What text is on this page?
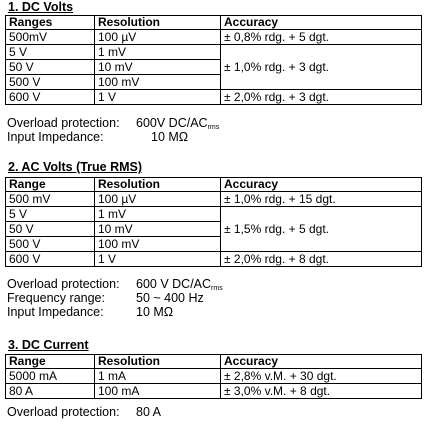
1. DC Volts
Ranges	Resolution	Accuracy
500mV	100 µV	± 0,8% rdg. + 5 dgt.
5 V	1 mV	± 1,0% rdg. + 3 dgt.
50 V	10 mV	
500 V	100 mV	
600 V	1 V	± 2,0% rdg. + 3 dgt.
Overload protection: 600V $DC/AC_{rms}$
Input Impedance:	10 MΩ
2. AC Volts (True RMS)
Range	Resolution	Accuracy
500 mV	100 µV	± 1,0% rdg. + 15 dgt.
5 V	1 mV	± 1,5% rdg. + 5 dgt.
50 V	10 mV	
500 V	100 mV	
600 V	1 V	± 2,0% rdg. + 8 dgt.
Overload protection: 600 V $DC/AC_{rms}$
Frequency range: 50 ~ 400 Hz
Input Impedance:	10 MΩ
3. DC Current
Range	Resolution	Accuracy
5000 mA	1 mA	± 2,8% v.M. + 30 dgt.
80 A	100 mA	± 3,0% v.M. + 8 dgt.
Overload protection: 80 A
